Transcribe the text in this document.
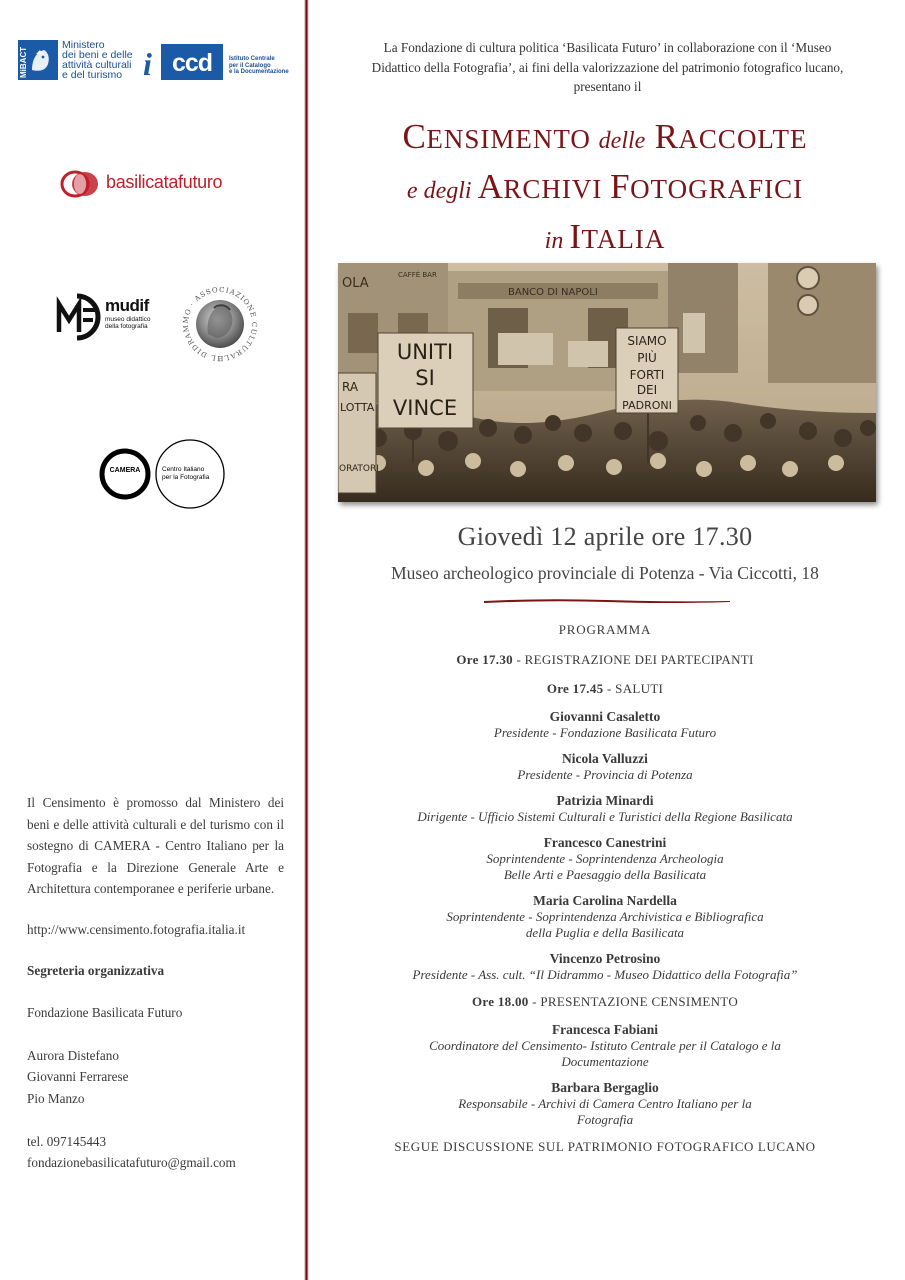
MiBACT
Ministero
dei beni e delle
attività culturali
e del turismo i ccd	Istituto Centrale
per il Catalogo
e la Documentazione
basilicatafuturo
mudif
museo didattico
della fotografia
IL DIDRAMMO · ASSOCIAZIONE CULTURALE
CAMERA	Centro Italiano
per la Fotografia

Il Censimento è promosso dal Ministero dei beni e delle attività culturali e del turismo con il sostegno di CAMERA - Centro Italiano per la Fotografia e la Direzione Generale Arte e Architettura contemporanee e periferie urbane.

http://www.censimento.fotografia.italia.it

Segreteria organizzativa

Fondazione Basilicata Futuro

Aurora Distefano

Giovanni Ferrarese

Pio Manzo

tel. 097145443

fondazionebasilicatafuturo@gmail.com

La Fondazione di cultura politica ‘Basilicata Futuro’ in collaborazione con il ‘Museo Didattico della Fotografia’, ai fini della valorizzazione del patrimonio fotografico lucano, presentano il
CENSIMENTO delle RACCOLTE
e degli ARCHIVI FOTOGRAFICI
in ITALIA
BANCO DI NAPOLI
CAFFÈ BAR
OLA
UNITI
SI
VINCE
SIAMO
PIÙ
FORTI
DEI
PADRONI
RA
LOTTA
ORATORI
Giovedì 12 aprile ore 17.30
Museo archeologico provinciale di Potenza - Via Ciccotti, 18
PROGRAMMA
Ore 17.30 - REGISTRAZIONE DEI PARTECIPANTI
Ore 17.45 - SALUTI
Giovanni Casaletto
Presidente - Fondazione Basilicata Futuro
Nicola Valluzzi
Presidente - Provincia di Potenza
Patrizia Minardi
Dirigente - Ufficio Sistemi Culturali e Turistici della Regione Basilicata
Francesco Canestrini
Soprintendente - Soprintendenza Archeologia
Belle Arti e Paesaggio della Basilicata
Maria Carolina Nardella
Soprintendente - Soprintendenza Archivistica e Bibliografica
della Puglia e della Basilicata
Vincenzo Petrosino
Presidente - Ass. cult. “Il Didrammo - Museo Didattico della Fotografia”
Ore 18.00 - PRESENTAZIONE CENSIMENTO
Francesca Fabiani
Coordinatore del Censimento- Istituto Centrale per il Catalogo e la
Documentazione
Barbara Bergaglio
Responsabile - Archivi di Camera Centro Italiano per la
Fotografia
SEGUE DISCUSSIONE SUL PATRIMONIO FOTOGRAFICO LUCANO
